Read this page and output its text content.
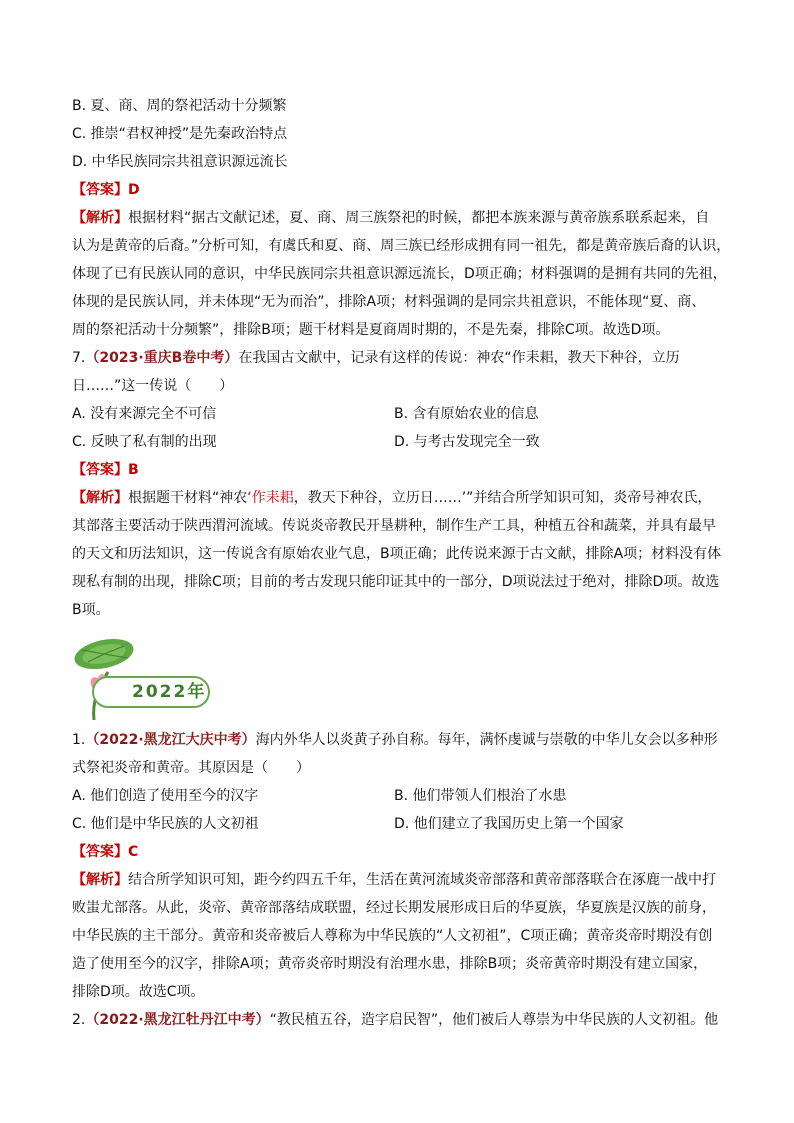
B. 夏、商、周的祭祀活动十分频繁
C. 推崇“君权神授”是先秦政治特点
D. 中华民族同宗共祖意识源远流长
【答案】D
【解析】根据材料“据古文献记述，夏、商、周三族祭祀的时候，都把本族来源与黄帝族系联系起来，自
认为是黄帝的后裔。”分析可知，有虞氏和夏、商、周三族已经形成拥有同一祖先，都是黄帝族后裔的认识，
体现了已有民族认同的意识，中华民族同宗共祖意识源远流长，D项正确；材料强调的是拥有共同的先祖，
体现的是民族认同，并未体现“无为而治”，排除A项；材料强调的是同宗共祖意识，不能体现“夏、商、
周的祭祀活动十分频繁”，排除B项；题干材料是夏商周时期的，不是先秦，排除C项。故选D项。
7.（2023·重庆B卷中考）在我国古文献中，记录有这样的传说：神农“作耒耜，教天下种谷，立历
日……”这一传说（　　）
A. 没有来源完全不可信	B. 含有原始农业的信息
C. 反映了私有制的出现	D. 与考古发现完全一致
【答案】B
【解析】根据题干材料“神农‘作耒耜，教天下种谷，立历日……’”并结合所学知识可知，炎帝号神农氏，
其部落主要活动于陕西渭河流域。传说炎帝教民开垦耕种，制作生产工具，种植五谷和蔬菜，并具有最早
的天文和历法知识，这一传说含有原始农业气息，B项正确；此传说来源于古文献，排除A项；材料没有体
现私有制的出现，排除C项；目前的考古发现只能印证其中的一部分，D项说法过于绝对，排除D项。故选
B项。
2022年
1.（2022·黑龙江大庆中考）海内外华人以炎黄子孙自称。每年，满怀虔诚与崇敬的中华儿女会以多种形
式祭祀炎帝和黄帝。其原因是（　　）
A. 他们创造了使用至今的汉字	B. 他们带领人们根治了水患
C. 他们是中华民族的人文初祖	D. 他们建立了我国历史上第一个国家
【答案】C
【解析】结合所学知识可知，距今约四五千年，生活在黄河流域炎帝部落和黄帝部落联合在涿鹿一战中打
败蚩尤部落。从此，炎帝、黄帝部落结成联盟，经过长期发展形成日后的华夏族，华夏族是汉族的前身，
中华民族的主干部分。黄帝和炎帝被后人尊称为中华民族的“人文初祖”，C项正确；黄帝炎帝时期没有创
造了使用至今的汉字，排除A项；黄帝炎帝时期没有治理水患，排除B项；炎帝黄帝时期没有建立国家，
排除D项。故选C项。
2.（2022·黑龙江牡丹江中考）“教民植五谷，造字启民智”，他们被后人尊崇为中华民族的人文初祖。他
